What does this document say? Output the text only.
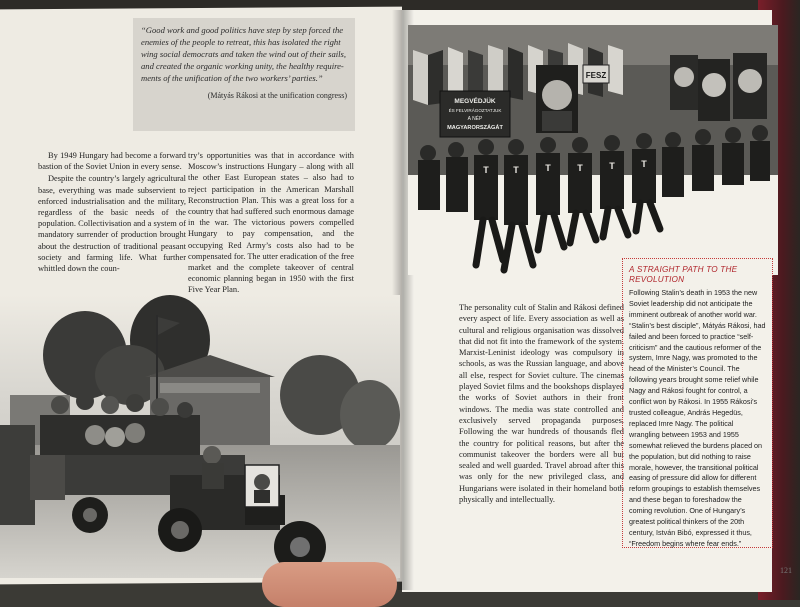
“Good work and good politics have step by step forced the
enemies of the people to retreat, this has isolated the right
wing social democrats and taken the wind out of their sails,
and created the organic working unity, the healthy require-
ments of the unification of the two workers’ parties.”
(Mátyás Rákosi at the unification congress)

By 1949 Hungary had become a forward bastion of the Soviet Union in every sense.

Despite the country’s largely agricultural base, everything was made subservient to enforced industrialisation and the military, regardless of the basic needs of the population. Collectivisation and a system of mandatory surrender of production brought about the destruction of traditional peasant society and farming life. What further whittled down the coun-

try’s opportunities was that in accordance with Moscow’s instructions Hungary – along with all the other East European states – also had to reject participation in the American Marshall Reconstruction Plan. This was a great loss for a country that had suffered such enormous damage in the war. The victorious powers compelled Hungary to pay compensation, and the occupying Red Army’s costs also had to be compensated for. The utter eradication of the free market and the complete takeover of central economic planning began in 1950 with the first Five Year Plan.

MEGVÉDJÜK
ÉS FELVIRÁGOZTATJUK
A NÉP
MAGYARORSZÁGÁT
FESZ
T	T	T	T	T	T

The personality cult of Stalin and Rákosi defined every aspect of life. Every association as well as cultural and religious organisation was dissolved that did not fit into the framework of the system. Marxist-Leninist ideology was compulsory in schools, as was the Russian language, and above all else, respect for Soviet culture. The cinemas played Soviet films and the bookshops displayed the works of Soviet authors in their front windows. The media was state controlled and exclusively served propaganda purposes. Following the war hundreds of thousands fled the country for political reasons, but after the communist takeover the borders were all but sealed and well guarded. Travel abroad after this was only for the new privileged class, and Hungarians were isolated in their homeland both physically and intellectually.

A STRAIGHT PATH TO THE REVOLUTION
Following Stalin’s death in 1953 the new Soviet leadership did not anticipate the imminent outbreak of another world war. “Stalin’s best disciple”, Mátyás Rákosi, had failed and been forced to practice “self-criticism” and the cautious reformer of the system, Imre Nagy, was promoted to the head of the Minister’s Council. The following years brought some relief while Nagy and Rákosi fought for control, a conflict won by Rákosi. In 1955 Rákosi’s trusted colleague, András Hegedüs, replaced Imre Nagy. The political wrangling between 1953 and 1955 somewhat relieved the burdens placed on the population, but did nothing to raise morale, however, the transitional political easing of pressure did allow for different reform groupings to establish themselves and these began to foreshadow the coming revolution. One of Hungary’s greatest political thinkers of the 20th century, István Bibó, expressed it thus, “Freedom begins where fear ends.”
121
